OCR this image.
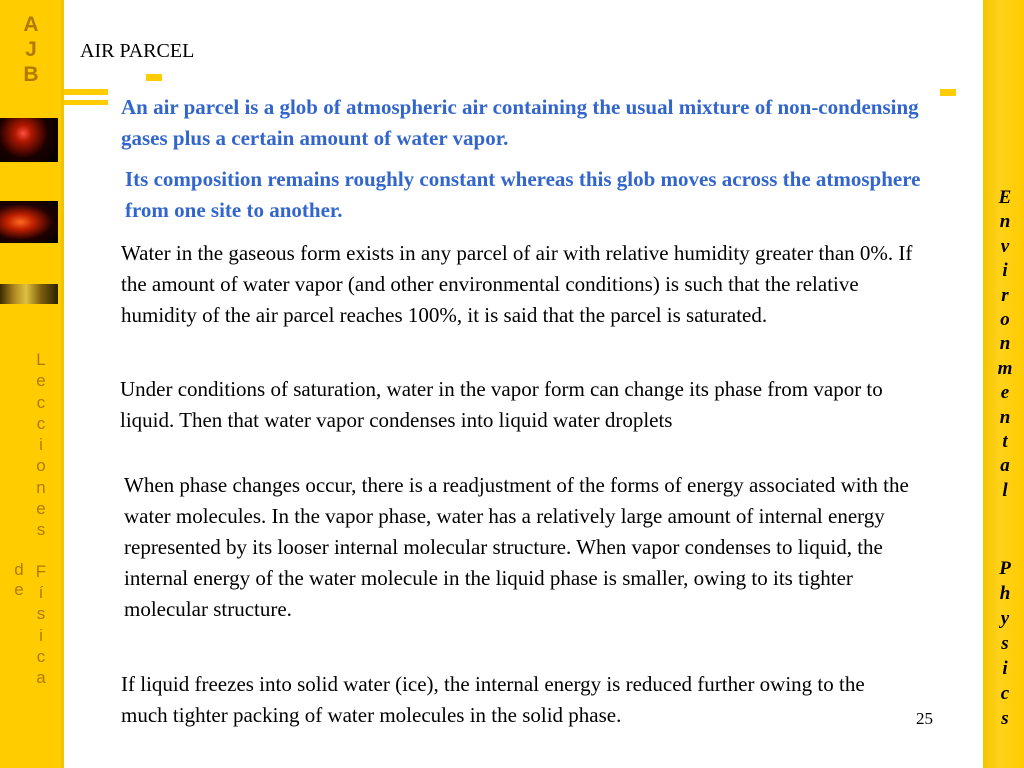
A
J
B
L
e
c
c
i
o
n
e
s
F
í
s
i
c
a
d
e
E
n
v
i
r
o
n
m
e
n
t
a
l
P
h
y
s
i
c
s
AIR PARCEL

An air parcel is a glob of atmospheric air containing the usual mixture of non-condensing gases plus a certain amount of water vapor.

Its composition remains roughly constant whereas this glob moves across the atmosphere from one site to another.

Water in the gaseous form exists in any parcel of air with relative humidity greater than 0%. If the amount of water vapor (and other environmental conditions) is such that the relative humidity of the air parcel reaches 100%, it is said that the parcel is saturated.

Under conditions of saturation, water in the vapor form can change its phase from vapor to liquid. Then that water vapor condenses into liquid water droplets

When phase changes occur, there is a readjustment of the forms of energy associated with the water molecules. In the vapor phase, water has a relatively large amount of internal energy represented by its looser internal molecular structure. When vapor condenses to liquid, the internal energy of the water molecule in the liquid phase is smaller, owing to its tighter molecular structure.

If liquid freezes into solid water (ice), the internal energy is reduced further owing to the much tighter packing of water molecules in the solid phase.	25
